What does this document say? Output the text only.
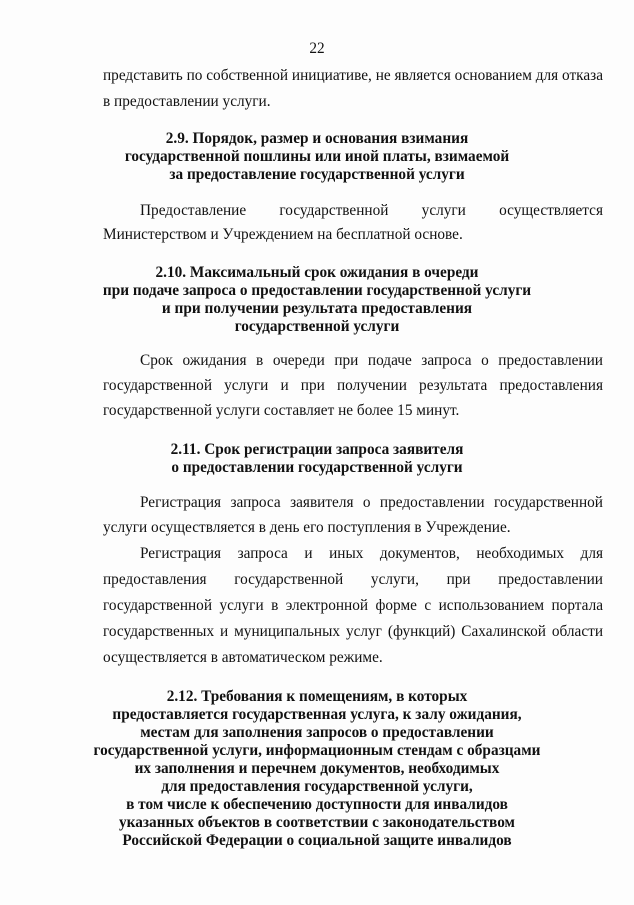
22
представить по собственной инициативе, не является основанием для отказа
в предоставлении услуги.
2.9. Порядок, размер и основания взимания
государственной пошлины или иной платы, взимаемой
за предоставление государственной услуги
Предоставление государственной услуги осуществляется
Министерством и Учреждением на бесплатной основе.
2.10. Максимальный срок ожидания в очереди
при подаче запроса о предоставлении государственной услуги
и при получении результата предоставления
государственной услуги
Срок ожидания в очереди при подаче запроса о предоставлении
государственной услуги и при получении результата предоставления
государственной услуги составляет не более 15 минут.
2.11. Срок регистрации запроса заявителя
о предоставлении государственной услуги
Регистрация запроса заявителя о предоставлении государственной
услуги осуществляется в день его поступления в Учреждение.
Регистрация запроса и иных документов, необходимых для
предоставления государственной услуги, при предоставлении
государственной услуги в электронной форме с использованием портала
государственных и муниципальных услуг (функций) Сахалинской области
осуществляется в автоматическом режиме.
2.12. Требования к помещениям, в которых
предоставляется государственная услуга, к залу ожидания,
местам для заполнения запросов о предоставлении
государственной услуги, информационным стендам с образцами
их заполнения и перечнем документов, необходимых
для предоставления государственной услуги,
в том числе к обеспечению доступности для инвалидов
указанных объектов в соответствии с законодательством
Российской Федерации о социальной защите инвалидов
